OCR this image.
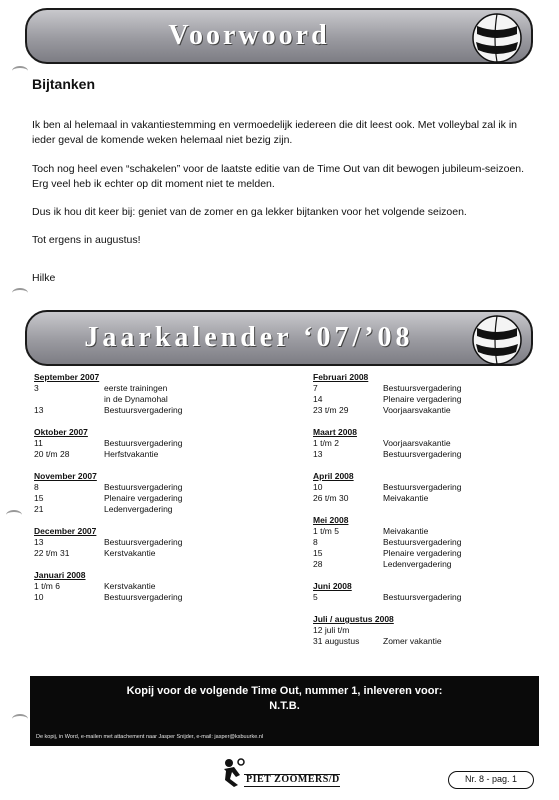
Voorwoord
Bijtanken
Ik ben al helemaal in vakantiestemming en vermoedelijk iedereen die dit leest ook. Met volleybal zal ik in ieder geval de komende weken helemaal niet bezig zijn.
Toch nog heel even “schakelen” voor de laatste editie van de Time Out van dit bewogen jubileum-seizoen. Erg veel heb ik echter op dit moment niet te melden.
Dus ik hou dit keer bij: geniet van de zomer en ga lekker bijtanken voor het volgende seizoen.
Tot ergens in augustus!
Hilke
Jaarkalender ‘07/’08
September 2007
3	eerste trainingen
in de Dynamohal
13	Bestuursvergadering
Oktober 2007
11	Bestuursvergadering
20 t/m 28	Herfstvakantie
November 2007
8	Bestuursvergadering
15	Plenaire vergadering
21	Ledenvergadering
December 2007
13	Bestuursvergadering
22 t/m 31	Kerstvakantie
Januari 2008
1 t/m 6	Kerstvakantie
10	Bestuursvergadering
Februari 2008
7	Bestuursvergadering
14	Plenaire vergadering
23 t/m 29	Voorjaarsvakantie
Maart 2008
1 t/m 2	Voorjaarsvakantie
13	Bestuursvergadering
April 2008
10	Bestuursvergadering
26 t/m 30	Meivakantie
Mei 2008
1 t/m 5	Meivakantie
8	Bestuursvergadering
15	Plenaire vergadering
28	Ledenvergadering
Juni 2008
5	Bestuursvergadering
Juli / augustus 2008
12 juli t/m
31 augustus	Zomer vakantie
Kopij voor de volgende Time Out, nummer 1, inleveren voor:
N.T.B.
De kopij, in Word, e-mailen met attachement naar Jasper Snijder, e-mail: jasper@ksbuurke.nl
PIET ZOOMERS/D	Nr. 8 - pag. 1
